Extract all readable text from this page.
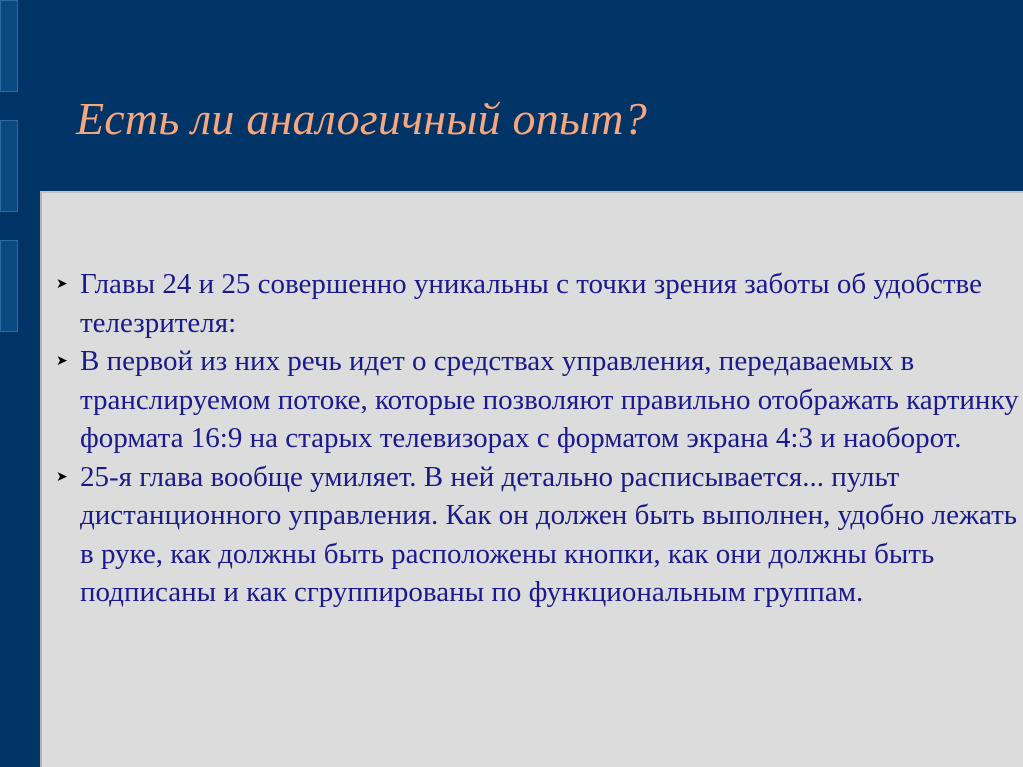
Есть ли аналогичный опыт?
➤ Главы 24 и 25 совершенно уникальны с точки зрения заботы об удобстве телезрителя:
➤ В первой из них речь идет о средствах управления, передаваемых в транслируемом потоке, которые позволяют правильно отображать картинку формата 16:9 на старых телевизорах с форматом экрана 4:3 и наоборот.
➤ 25-я глава вообще умиляет. В ней детально расписывается... пульт дистанционного управления. Как он должен быть выполнен, удобно лежать в руке, как должны быть расположены кнопки, как они должны быть подписаны и как сгруппированы по функциональным группам.
